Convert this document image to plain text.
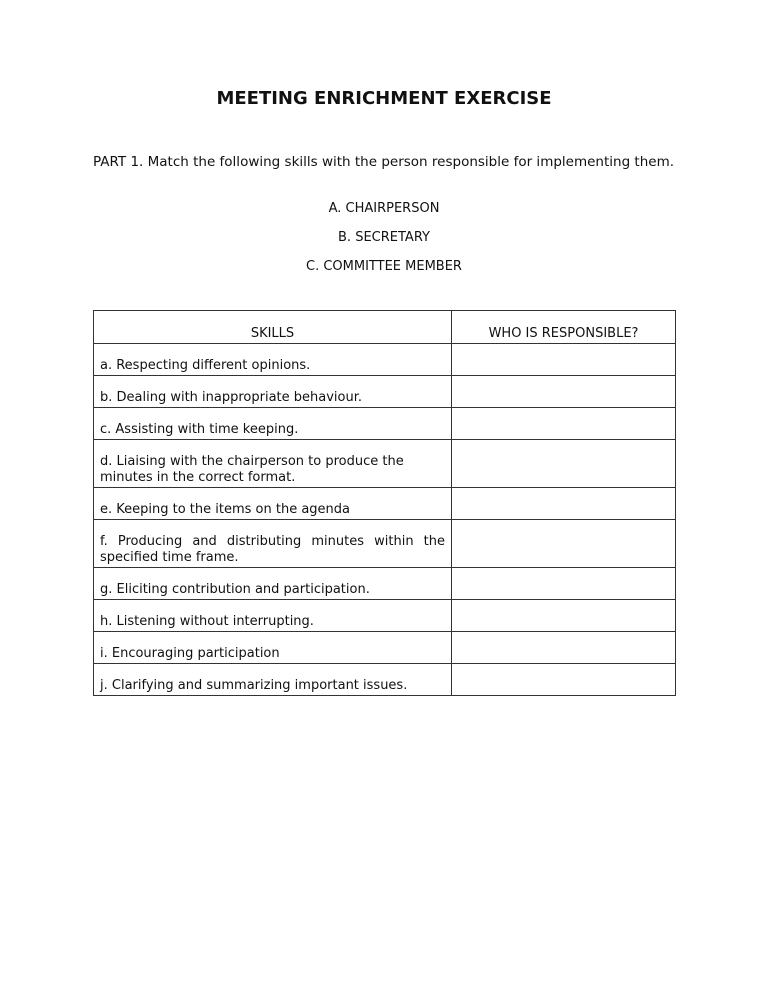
MEETING ENRICHMENT EXERCISE
PART 1. Match the following skills with the person responsible for implementing them.
A. CHAIRPERSON
B. SECRETARY
C. COMMITTEE MEMBER
SKILLS	WHO IS RESPONSIBLE?
a. Respecting different opinions.	
b. Dealing with inappropriate behaviour.	
c. Assisting with time keeping.	
d. Liaising with the chairperson to produce the minutes in the correct format.	
e. Keeping to the items on the agenda	
f. Producing and distributing minutes within the specified time frame.	
g. Eliciting contribution and participation.	
h. Listening without interrupting.	
i. Encouraging participation	
j. Clarifying and summarizing important issues.	
